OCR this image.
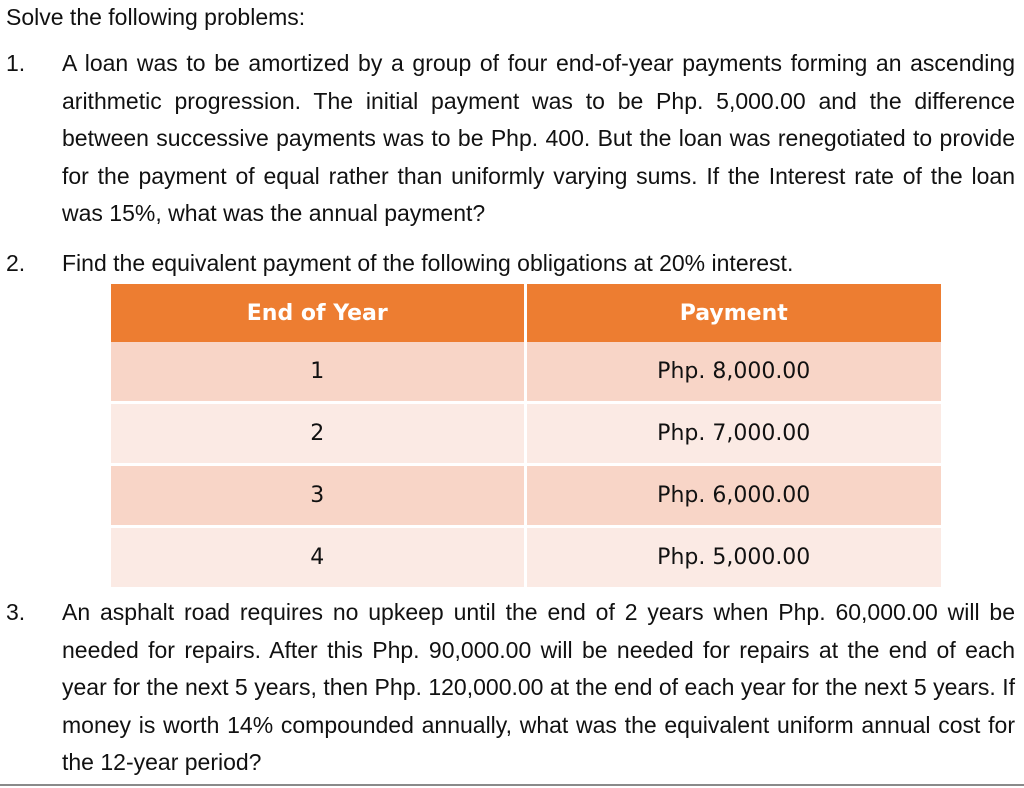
Solve the following problems:
1. A loan was to be amortized by a group of four end-of-year payments forming an ascending arithmetic progression. The initial payment was to be Php. 5,000.00 and the difference between successive payments was to be Php. 400. But the loan was renegotiated to provide for the payment of equal rather than uniformly varying sums. If the Interest rate of the loan was 15%, what was the annual payment?
2. Find the equivalent payment of the following obligations at 20% interest.
End of Year	Payment
1	Php. 8,000.00
2	Php. 7,000.00
3	Php. 6,000.00
4	Php. 5,000.00
3. An asphalt road requires no upkeep until the end of 2 years when Php. 60,000.00 will be needed for repairs. After this Php. 90,000.00 will be needed for repairs at the end of each year for the next 5 years, then Php. 120,000.00 at the end of each year for the next 5 years. If money is worth 14% compounded annually, what was the equivalent uniform annual cost for the 12-year period?
